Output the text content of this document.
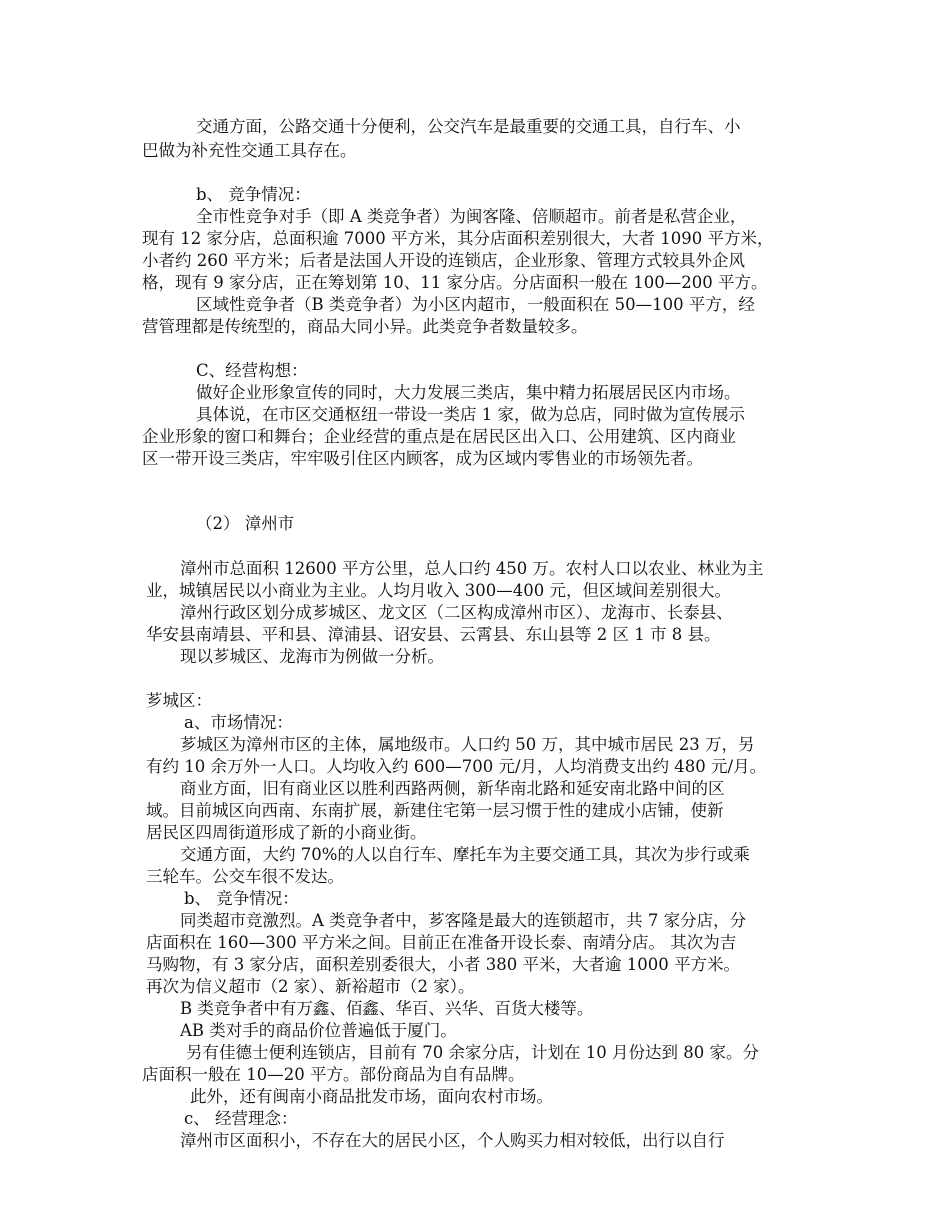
交通方面，公路交通十分便利，公交汽车是最重要的交通工具，自行车、小

巴做为补充性交通工具存在。

b、 竞争情况：

全市性竞争对手（即 A 类竞争者）为闽客隆、倍顺超市。前者是私营企业，

现有 12 家分店，总面积逾 7000 平方米，其分店面积差别很大，大者 1090 平方米，

小者约 260 平方米；后者是法国人开设的连锁店，企业形象、管理方式较具外企风

格，现有 9 家分店，正在筹划第 10、11 家分店。分店面积一般在 100—200 平方。

区域性竞争者（B 类竞争者）为小区内超市，一般面积在 50—100 平方，经

营管理都是传统型的，商品大同小异。此类竞争者数量较多。

C、经营构想：

做好企业形象宣传的同时，大力发展三类店，集中精力拓展居民区内市场。

具体说，在市区交通枢纽一带设一类店 1 家，做为总店，同时做为宣传展示

企业形象的窗口和舞台；企业经营的重点是在居民区出入口、公用建筑、区内商业

区一带开设三类店，牢牢吸引住区内顾客，成为区域内零售业的市场领先者。

（2） 漳州市

漳州市总面积 12600 平方公里，总人口约 450 万。农村人口以农业、林业为主

业，城镇居民以小商业为主业。人均月收入 300—400 元，但区域间差别很大。

漳州行政区划分成芗城区、龙文区（二区构成漳州市区）、龙海市、长泰县、

华安县南靖县、平和县、漳浦县、诏安县、云霄县、东山县等 2 区 1 市 8 县。

现以芗城区、龙海市为例做一分析。

芗城区：

a、市场情况：

芗城区为漳州市区的主体，属地级市。人口约 50 万，其中城市居民 23 万，另

有约 10 余万外一人口。人均收入约 600—700 元/月，人均消费支出约 480 元/月。

商业方面，旧有商业区以胜利西路两侧，新华南北路和延安南北路中间的区

域。目前城区向西南、东南扩展，新建住宅第一层习惯于性的建成小店铺，使新

居民区四周街道形成了新的小商业街。

交通方面，大约 70%的人以自行车、摩托车为主要交通工具，其次为步行或乘

三轮车。公交车很不发达。

b、 竞争情况：

同类超市竞激烈。A 类竞争者中，芗客隆是最大的连锁超市，共 7 家分店，分

店面积在 160—300 平方米之间。目前正在准备开设长泰、南靖分店。 其次为吉

马购物，有 3 家分店，面积差别委很大，小者 380 平米，大者逾 1000 平方米。

再次为信义超市（2 家）、新裕超市（2 家）。

B 类竞争者中有万鑫、佰鑫、华百、兴华、百货大楼等。

AB 类对手的商品价位普遍低于厦门。

另有佳德士便利连锁店，目前有 70 余家分店，计划在 10 月份达到 80 家。分

店面积一般在 10—20 平方。部份商品为自有品牌。

此外，还有闽南小商品批发市场，面向农村市场。

c、 经营理念：

漳州市区面积小，不存在大的居民小区，个人购买力相对较低，出行以自行
